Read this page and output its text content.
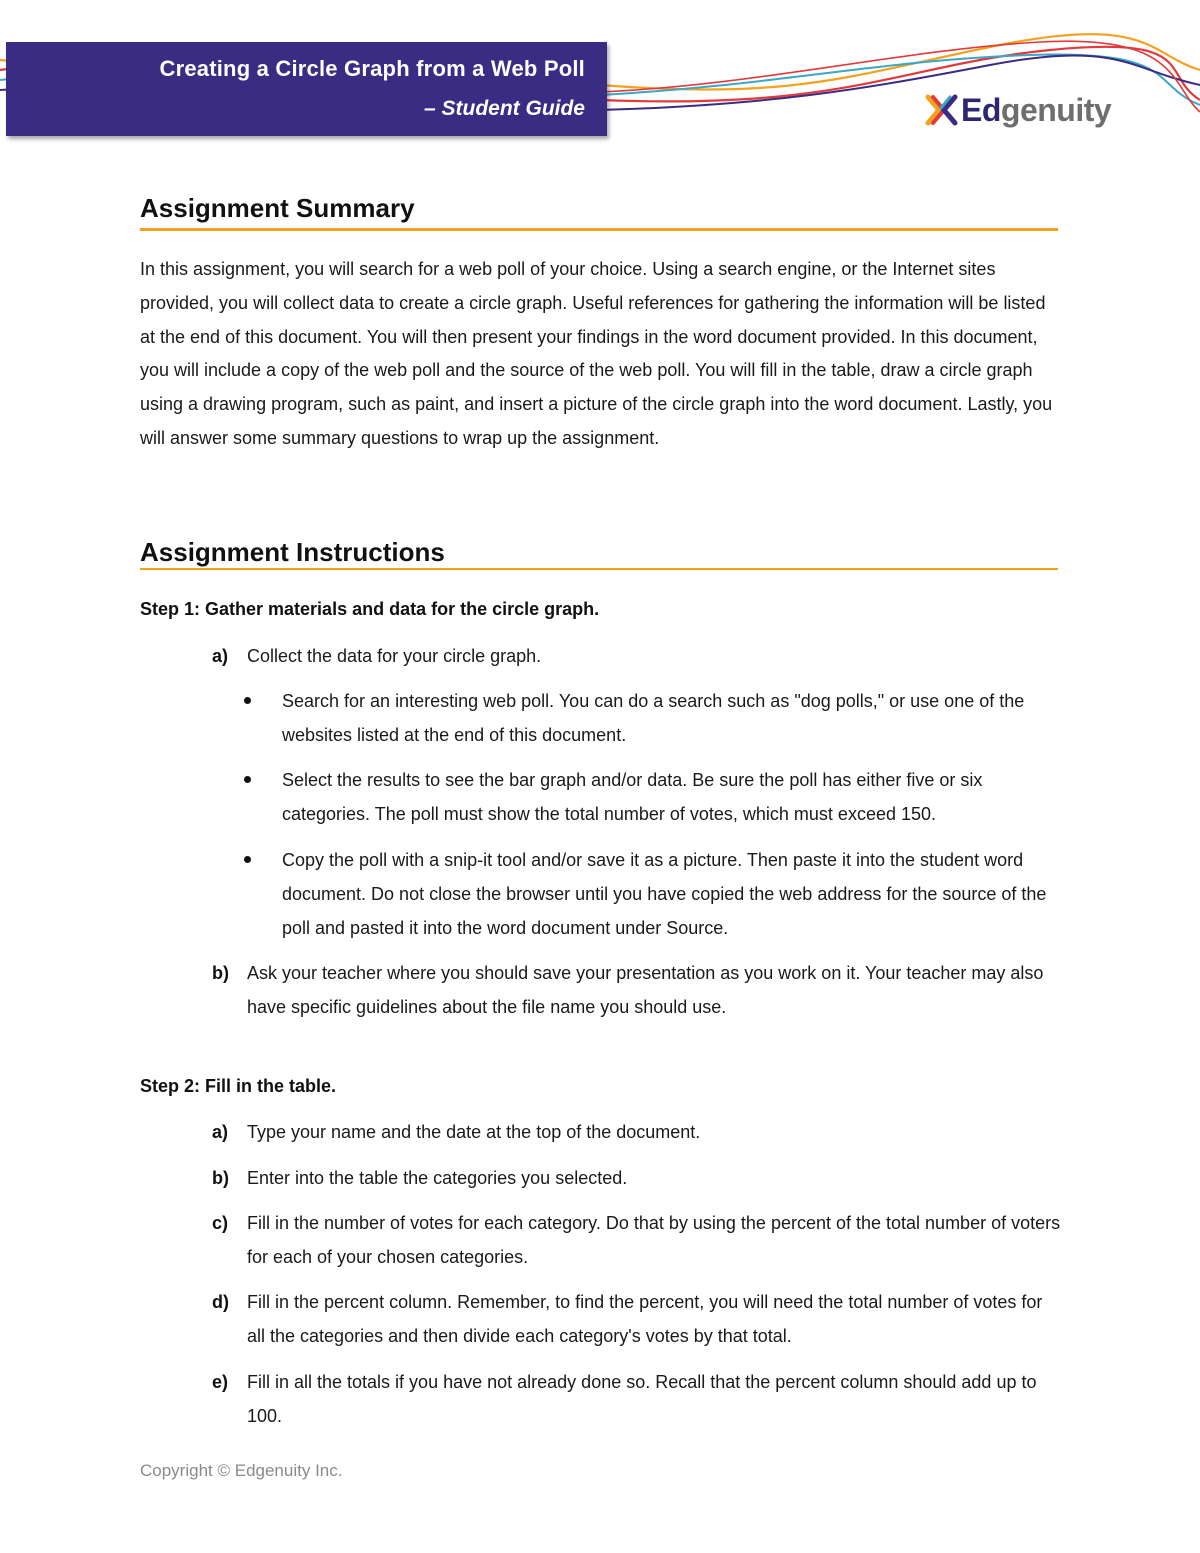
Creating a Circle Graph from a Web Poll
– Student Guide	Edgenuity
Assignment Summary
In this assignment, you will search for a web poll of your choice. Using a search engine, or the Internet sites provided, you will collect data to create a circle graph. Useful references for gathering the information will be listed at the end of this document. You will then present your findings in the word document provided. In this document, you will include a copy of the web poll and the source of the web poll. You will fill in the table, draw a circle graph using a drawing program, such as paint, and insert a picture of the circle graph into the word document. Lastly, you will answer some summary questions to wrap up the assignment.
Assignment Instructions
Step 1: Gather materials and data for the circle graph.
a) Collect the data for your circle graph.
Search for an interesting web poll. You can do a search such as "dog polls," or use one of the websites listed at the end of this document.
Select the results to see the bar graph and/or data. Be sure the poll has either five or six categories. The poll must show the total number of votes, which must exceed 150.
Copy the poll with a snip-it tool and/or save it as a picture. Then paste it into the student word document. Do not close the browser until you have copied the web address for the source of the poll and pasted it into the word document under Source.
b) Ask your teacher where you should save your presentation as you work on it. Your teacher may also have specific guidelines about the file name you should use.
Step 2: Fill in the table.
a) Type your name and the date at the top of the document.
b) Enter into the table the categories you selected.
c) Fill in the number of votes for each category. Do that by using the percent of the total number of voters for each of your chosen categories.
d) Fill in the percent column. Remember, to find the percent, you will need the total number of votes for all the categories and then divide each category's votes by that total.
e) Fill in all the totals if you have not already done so. Recall that the percent column should add up to 100.
Copyright © Edgenuity Inc.
